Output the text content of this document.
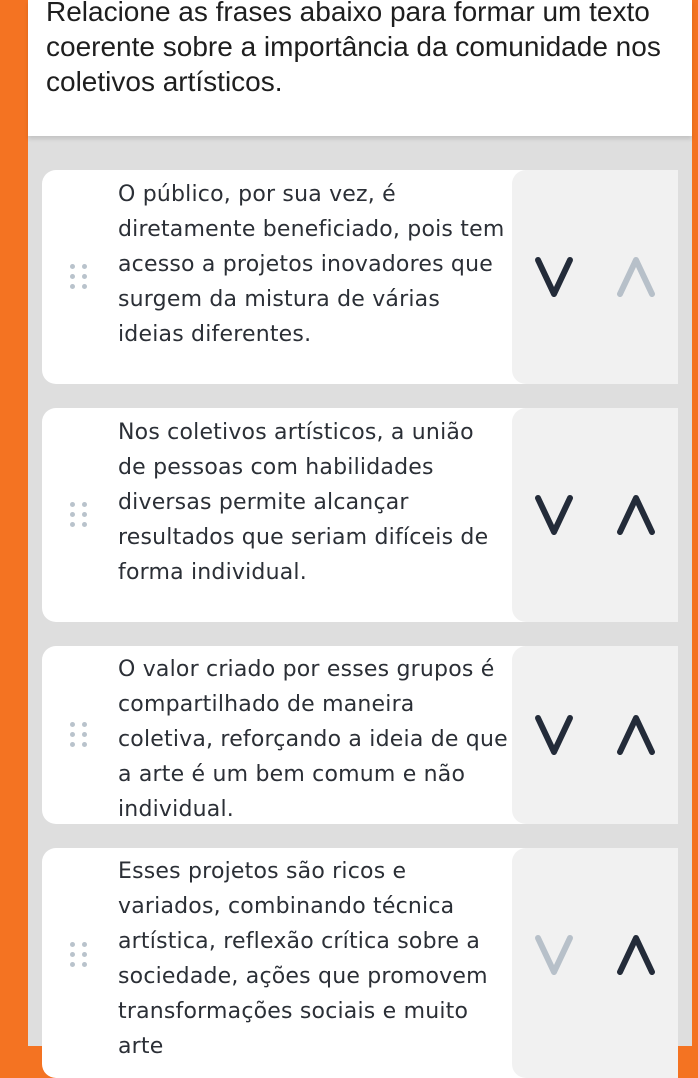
Relacione as frases abaixo para formar um texto coerente sobre a importância da comunidade nos coletivos artísticos.

O público, por sua vez, é diretamente beneficiado, pois tem acesso a projetos inovadores que surgem da mistura de várias ideias diferentes.

Nos coletivos artísticos, a união de pessoas com habilidades diversas permite alcançar resultados que seriam difíceis de forma individual.

O valor criado por esses grupos é compartilhado de maneira coletiva, reforçando a ideia de que a arte é um bem comum e não individual.

Esses projetos são ricos e variados, combinando técnica artística, reflexão crítica sobre a sociedade, ações que promovem transformações sociais e muito arte
